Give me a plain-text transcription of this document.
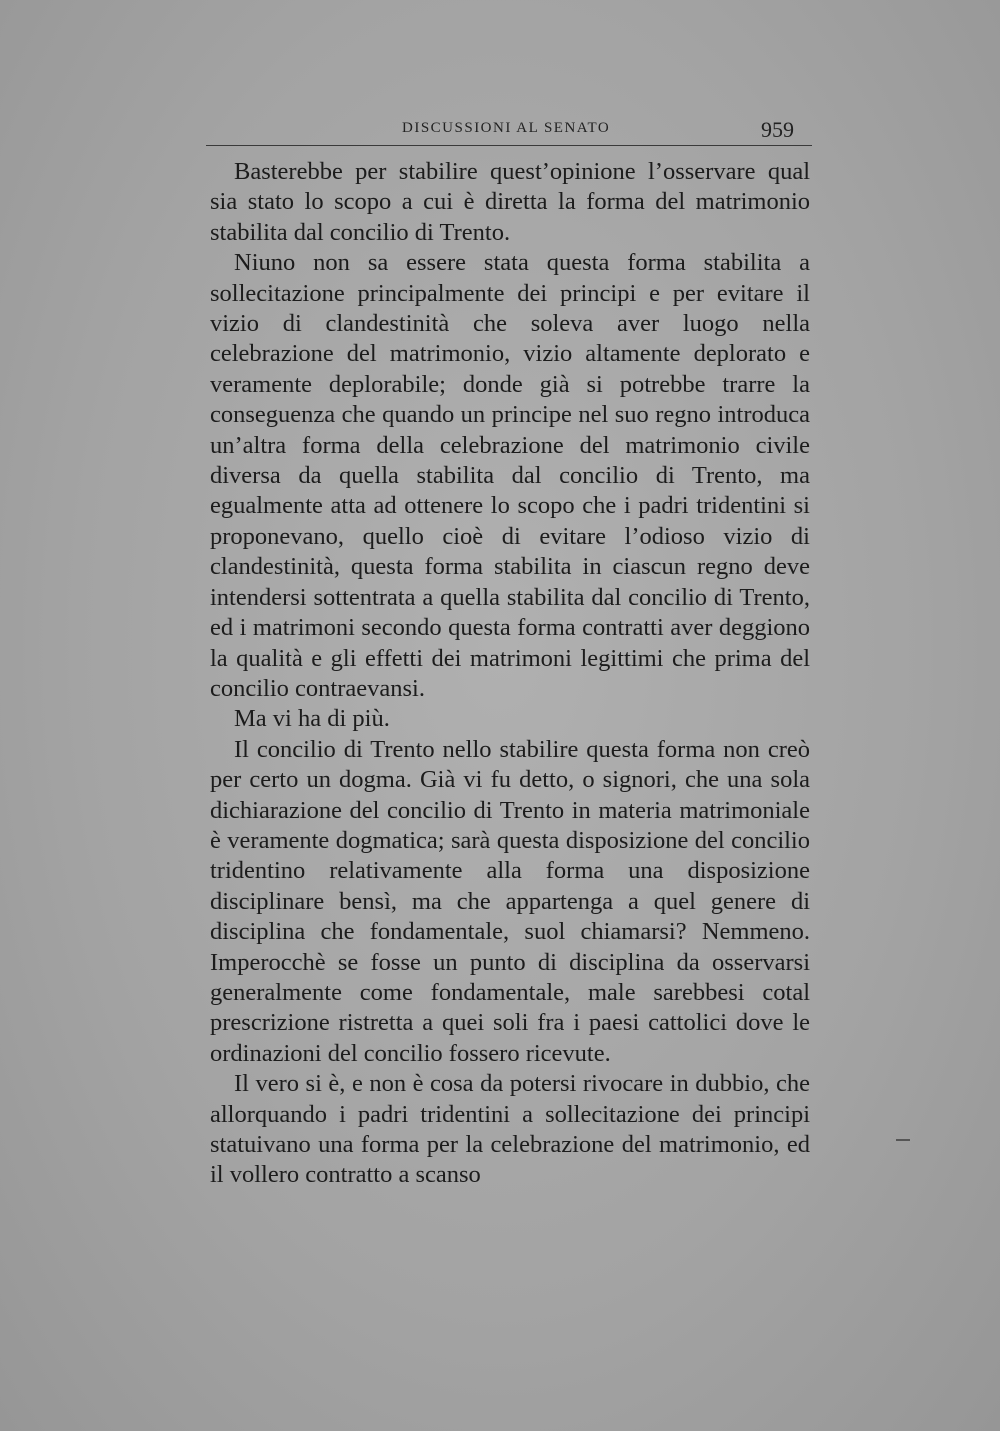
DISCUSSIONI AL SENATO	959

Basterebbe per stabilire quest’opinione l’osservare qual sia stato lo scopo a cui è diretta la forma del matrimonio stabilita dal concilio di Trento.

Niuno non sa essere stata questa forma stabilita a sollecitazione principalmente dei principi e per evitare il vizio di clandestinità che soleva aver luogo nella celebrazione del matrimonio, vizio altamente deplorato e veramente deplorabile; donde già si potrebbe trarre la conseguenza che quando un principe nel suo regno introduca un’altra forma della celebrazione del matrimonio civile diversa da quella stabilita dal concilio di Trento, ma egualmente atta ad ottenere lo scopo che i padri tridentini si proponevano, quello cioè di evitare l’odioso vizio di clandestinità, questa forma stabilita in ciascun regno deve intendersi sottentrata a quella stabilita dal concilio di Trento, ed i matrimoni secondo questa forma contratti aver deggiono la qualità e gli effetti dei matrimoni legittimi che prima del concilio contraevansi.

Ma vi ha di più.

Il concilio di Trento nello stabilire questa forma non creò per certo un dogma. Già vi fu detto, o signori, che una sola dichiarazione del concilio di Trento in materia matrimoniale è veramente dogmatica; sarà questa disposizione del concilio tridentino relativamente alla forma una disposizione disciplinare bensì, ma che appartenga a quel genere di disciplina che fondamentale, suol chiamarsi? Nemmeno. Imperocchè se fosse un punto di disciplina da osservarsi generalmente come fondamentale, male sarebbesi cotal prescrizione ristretta a quei soli fra i paesi cattolici dove le ordinazioni del concilio fossero ricevute.

Il vero si è, e non è cosa da potersi rivocare in dubbio, che allorquando i padri tridentini a sollecitazione dei principi statuivano una forma per la celebrazione del matrimonio, ed il vollero contratto a scanso
